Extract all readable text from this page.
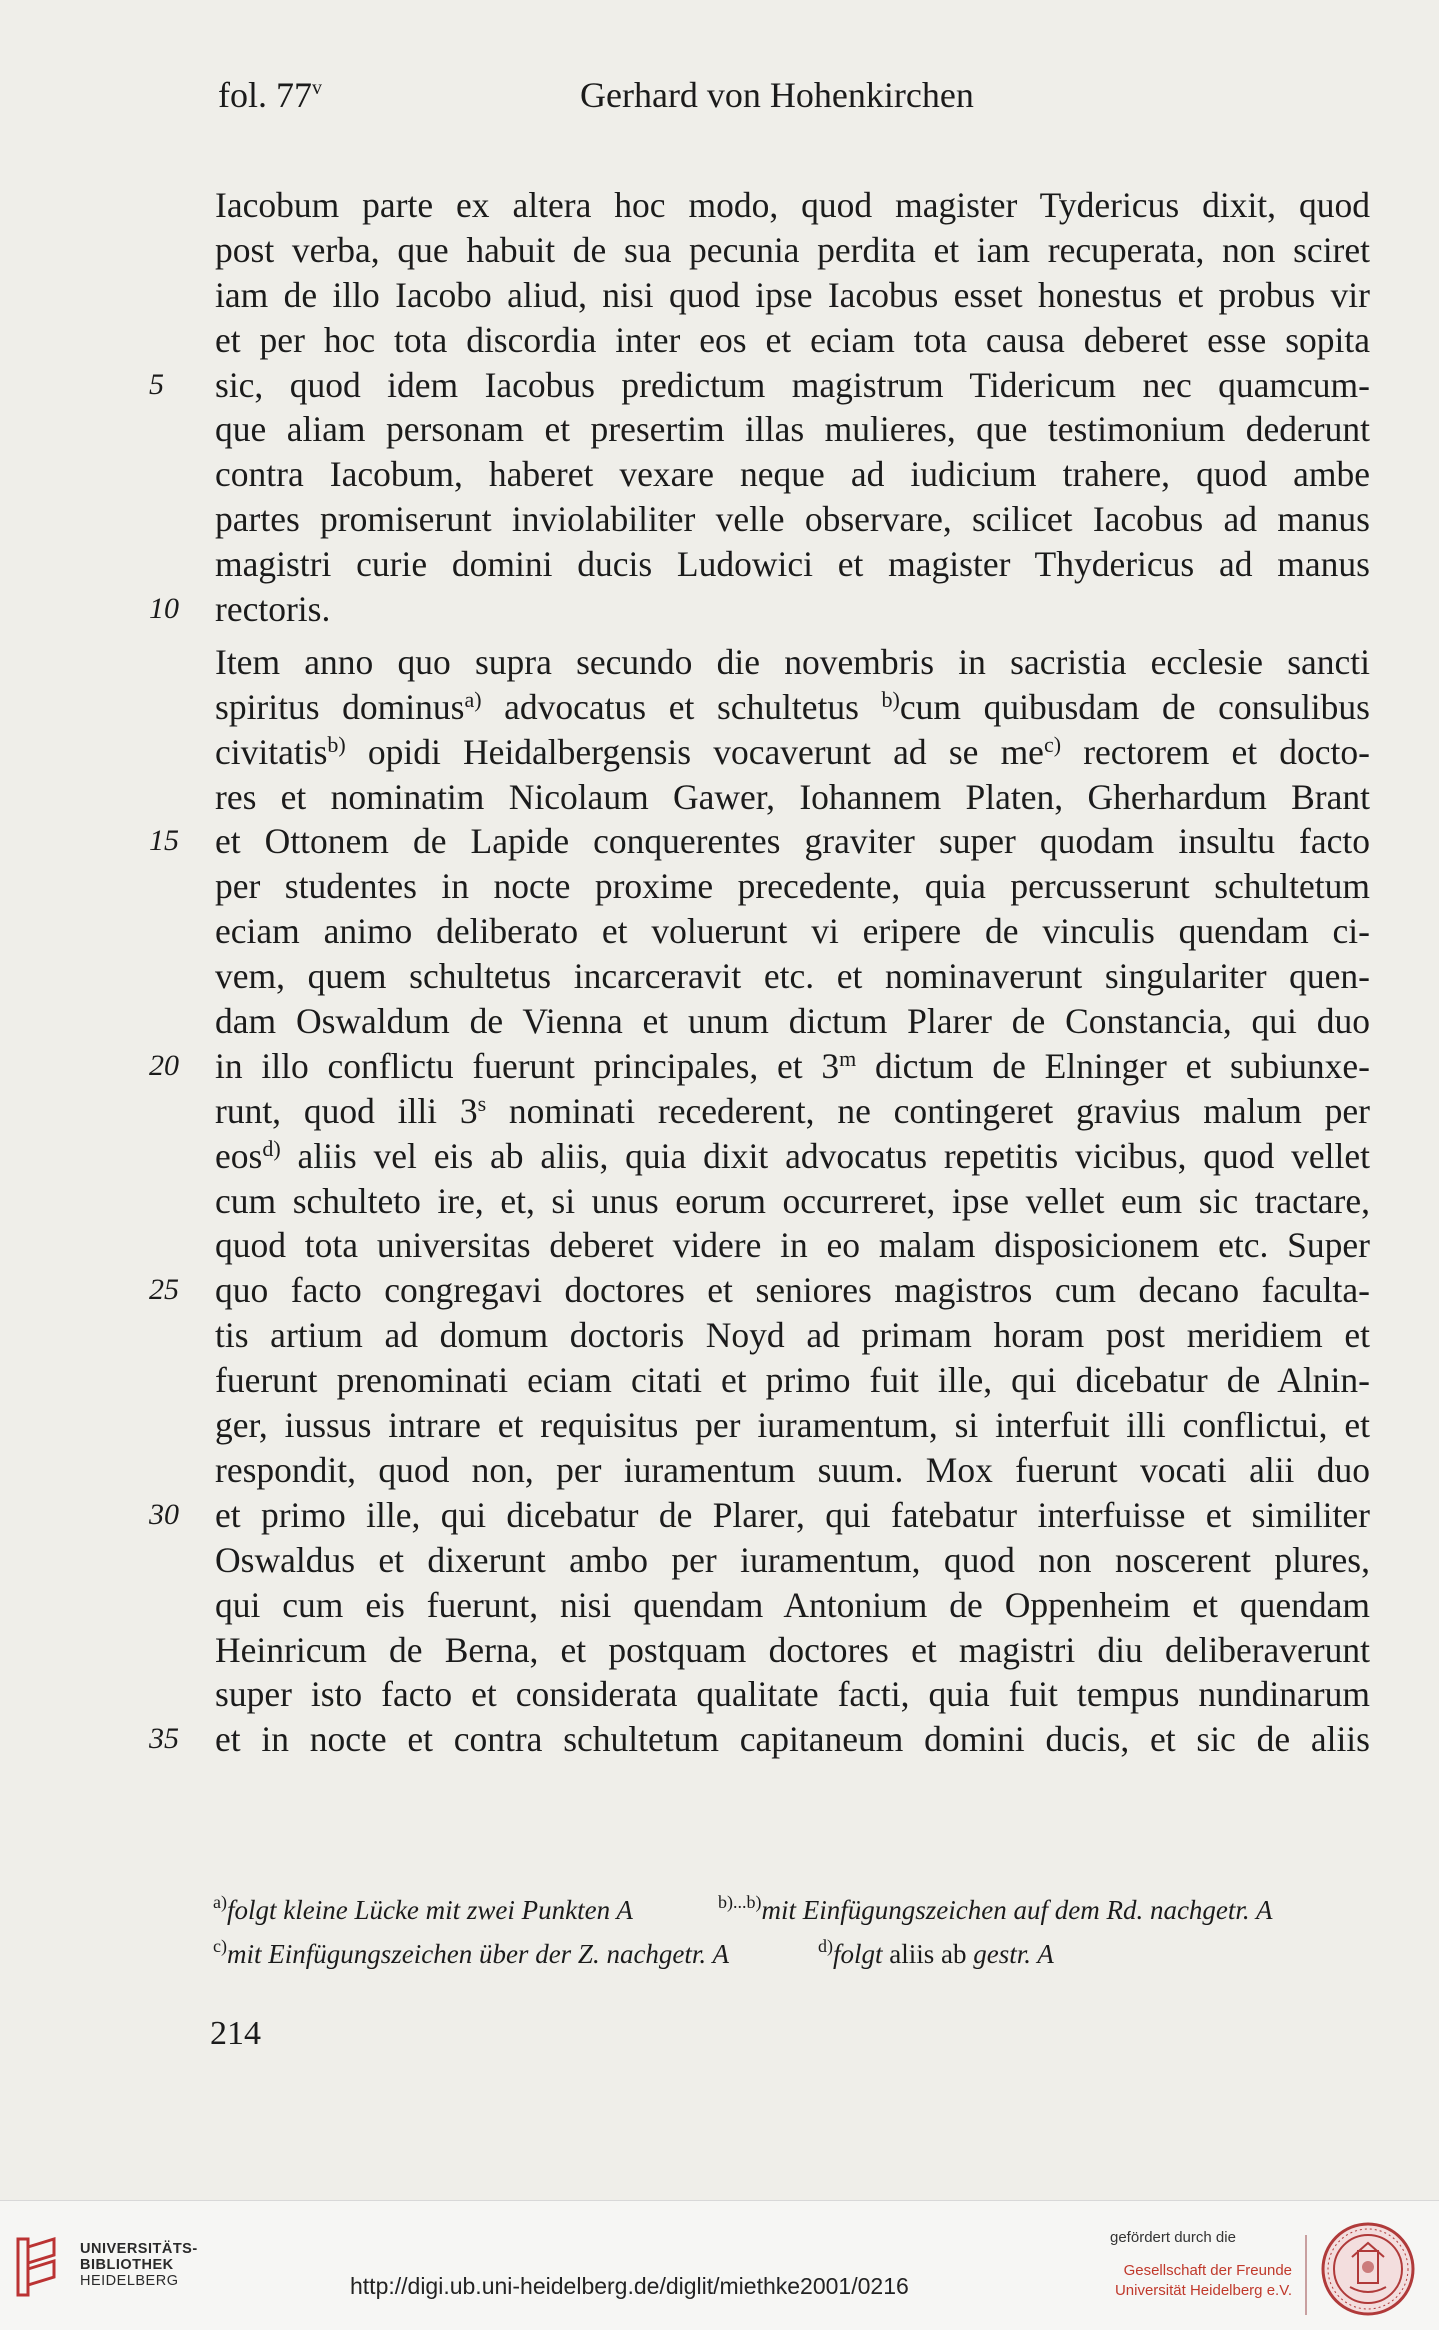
fol. 77$^v$	Gerhard von Hohenkirchen
Iacobum parte ex altera hoc modo, quod magister Tydericus dixit, quod
post verba, que habuit de sua pecunia perdita et iam recuperata, non sciret
iam de illo Iacobo aliud, nisi quod ipse Iacobus esset honestus et probus vir
et per hoc tota discordia inter eos et eciam tota causa deberet esse sopita
5	sic, quod idem Iacobus predictum magistrum Tidericum nec quamcum-
que aliam personam et presertim illas mulieres, que testimonium dederunt
contra Iacobum, haberet vexare neque ad iudicium trahere, quod ambe
partes promiserunt inviolabiliter velle observare, scilicet Iacobus ad manus
magistri curie domini ducis Ludowici et magister Thydericus ad manus
10	rectoris.
Item anno quo supra secundo die novembris in sacristia ecclesie sancti
spiritus dominus$^{a)}$ advocatus et schultetus $^{b)}$cum quibusdam de consulibus
civitatis$^{b)}$ opidi Heidalbergensis vocaverunt ad se $me^{c)}$ rectorem et docto-
res et nominatim Nicolaum Gawer, Iohannem Platen, Gherhardum Brant
15	et Ottonem de Lapide conquerentes graviter super quodam insultu facto
per studentes in nocte proxime precedente, quia percusserunt schultetum
eciam animo deliberato et voluerunt vi eripere de vinculis quendam ci-
vem, quem schultetus incarceravit etc. et nominaverunt singulariter quen-
dam Oswaldum de Vienna et unum dictum Plarer de Constancia, qui duo
20	in illo conflictu fuerunt principales, et 3$^m$ dictum de Elninger et subiunxe-
runt, quod illi 3$^s$ nominati recederent, ne contingeret gravius malum per
eos$^{d)}$ aliis vel eis ab aliis, quia dixit advocatus repetitis vicibus, quod vellet
cum schulteto ire, et, si unus eorum occurreret, ipse vellet eum sic tractare,
quod tota universitas deberet videre in eo malam disposicionem etc. Super
25	quo facto congregavi doctores et seniores magistros cum decano faculta-
tis artium ad domum doctoris Noyd ad primam horam post meridiem et
fuerunt prenominati eciam citati et primo fuit ille, qui dicebatur de Alnin-
ger, iussus intrare et requisitus per iuramentum, si interfuit illi conflictui, et
respondit, quod non, per iuramentum suum. Mox fuerunt vocati alii duo
30	et primo ille, qui dicebatur de Plarer, qui fatebatur interfuisse et similiter
Oswaldus et dixerunt ambo per iuramentum, quod non noscerent plures,
qui cum eis fuerunt, nisi quendam Antonium de Oppenheim et quendam
Heinricum de Berna, et postquam doctores et magistri diu deliberaverunt
super isto facto et considerata qualitate facti, quia fuit tempus nundinarum
35	et in nocte et contra schultetum capitaneum domini ducis, et sic de aliis
$^{a)}$folgt kleine Lücke mit zwei Punkten A	$^{b)...b)}$mit Einfügungszeichen auf dem Rd. nachgetr. A
$^{c)}$mit Einfügungszeichen über der Z. nachgetr. A	$^{d)}$folgt aliis ab gestr. A
214
UNIVERSITÄTS-
BIBLIOTHEK
HEIDELBERG	http://digi.ub.uni-heidelberg.de/diglit/miethke2001/0216
gefördert durch die
Gesellschaft der Freunde
Universität Heidelberg e.V.
